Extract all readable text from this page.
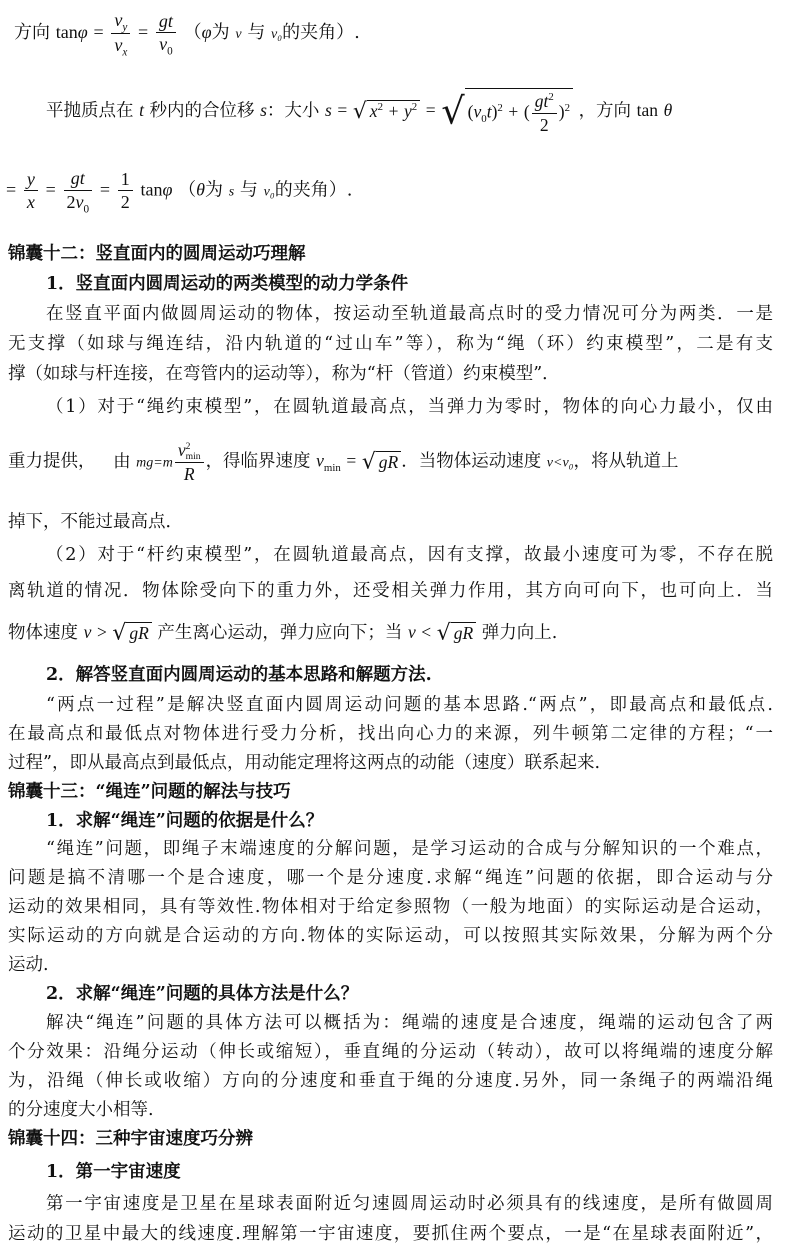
方向 $\tan\varphi = \frac{v_y}{v_x} = \frac{gt}{v_0} (\varphi$为 v 与 v₀的夹角）.
平抛质点在 t 秒内的合位移 s：大小 s = √ $x^2 + y^2$ = √ $(v_0t)^2$ + ( $\frac{gt^2}{2} )^2$ ，方向 tan θ
= $\frac{y}{x} = \frac{gt}{2v_0} = \frac{1}{2}$ tanφ （θ为 s 与 v₀的夹角）.
锦囊十二：竖直面内的圆周运动巧理解
1．竖直面内圆周运动的两类模型的动力学条件
在竖直平面内做圆周运动的物体，按运动至轨道最高点时的受力情况可分为两类．一是
无支撑（如球与绳连结，沿内轨道的“过山车”等），称为“绳（环）约束模型”，二是有支
撑（如球与杆连接，在弯管内的运动等），称为“杆（管道）约束模型”．
（1）对于“绳约束模型”，在圆轨道最高点，当弹力为零时，物体的向心力最小，仅由
重力提供， 由 mg=m v 2
min
R ，得临界速度 $v_{min}$ = √ gR ．当物体运动速度 v<v₀，将从轨道上
掉下，不能过最高点．
（2）对于“杆约束模型”，在圆轨道最高点，因有支撑，故最小速度可为零，不存在脱
离轨道的情况．物体除受向下的重力外，还受相关弹力作用，其方向可向下，也可向上．当
物体速度 v > √ gR 产生离心运动，弹力应向下；当 v < √ gR 弹力向上.
2．解答竖直面内圆周运动的基本思路和解题方法.
“两点一过程”是解决竖直面内圆周运动问题的基本思路.“两点”，即最高点和最低点.
在最高点和最低点对物体进行受力分析，找出向心力的来源，列牛顿第二定律的方程；“一
过程”，即从最高点到最低点，用动能定理将这两点的动能（速度）联系起来.
锦囊十三：“绳连”问题的解法与技巧
1．求解“绳连”问题的依据是什么？
“绳连”问题，即绳子末端速度的分解问题，是学习运动的合成与分解知识的一个难点，
问题是搞不清哪一个是合速度，哪一个是分速度.求解“绳连”问题的依据，即合运动与分
运动的效果相同，具有等效性.物体相对于给定参照物（一般为地面）的实际运动是合运动，
实际运动的方向就是合运动的方向.物体的实际运动，可以按照其实际效果，分解为两个分
运动.
2．求解“绳连”问题的具体方法是什么？
解决“绳连”问题的具体方法可以概括为：绳端的速度是合速度，绳端的运动包含了两
个分效果：沿绳分运动（伸长或缩短），垂直绳的分运动（转动），故可以将绳端的速度分解
为，沿绳（伸长或收缩）方向的分速度和垂直于绳的分速度.另外，同一条绳子的两端沿绳
的分速度大小相等.
锦囊十四：三种宇宙速度巧分辨
1．第一宇宙速度
第一宇宙速度是卫星在星球表面附近匀速圆周运动时必须具有的线速度，是所有做圆周
运动的卫星中最大的线速度.理解第一宇宙速度，要抓住两个要点，一是“在星球表面附近”，
